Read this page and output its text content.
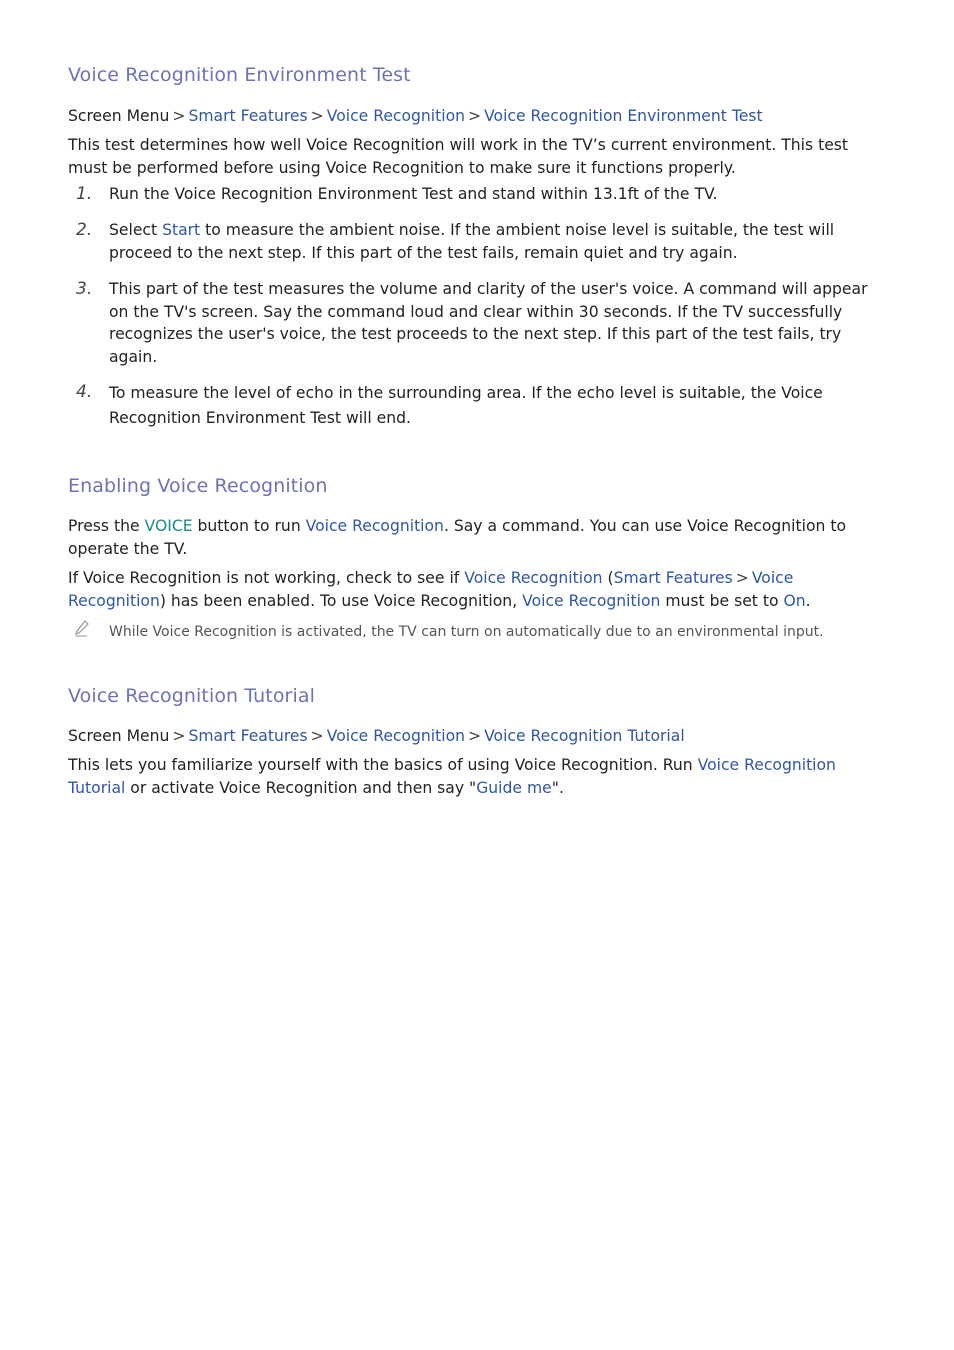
Voice Recognition Environment Test

Screen Menu > Smart Features > Voice Recognition > Voice Recognition Environment Test

This test determines how well Voice Recognition will work in the TV’s current environment. This test must be performed before using Voice Recognition to make sure it functions properly.

1.	Run the Voice Recognition Environment Test and stand within 13.1ft of the TV.
2.	Select Start to measure the ambient noise. If the ambient noise level is suitable, the test will proceed to the next step. If this part of the test fails, remain quiet and try again.
3.	This part of the test measures the volume and clarity of the user's voice. A command will appear on the TV's screen. Say the command loud and clear within 30 seconds. If the TV successfully recognizes the user's voice, the test proceeds to the next step. If this part of the test fails, try again.
4.	To measure the level of echo in the surrounding area. If the echo level is suitable, the Voice Recognition Environment Test will end.
Enabling Voice Recognition

Press the VOICE button to run Voice Recognition. Say a command. You can use Voice Recognition to operate the TV.

If Voice Recognition is not working, check to see if Voice Recognition (Smart Features > Voice Recognition) has been enabled. To use Voice Recognition, Voice Recognition must be set to On.

While Voice Recognition is activated, the TV can turn on automatically due to an environmental input.
Voice Recognition Tutorial

Screen Menu > Smart Features > Voice Recognition > Voice Recognition Tutorial

This lets you familiarize yourself with the basics of using Voice Recognition. Run Voice Recognition Tutorial or activate Voice Recognition and then say "Guide me".
